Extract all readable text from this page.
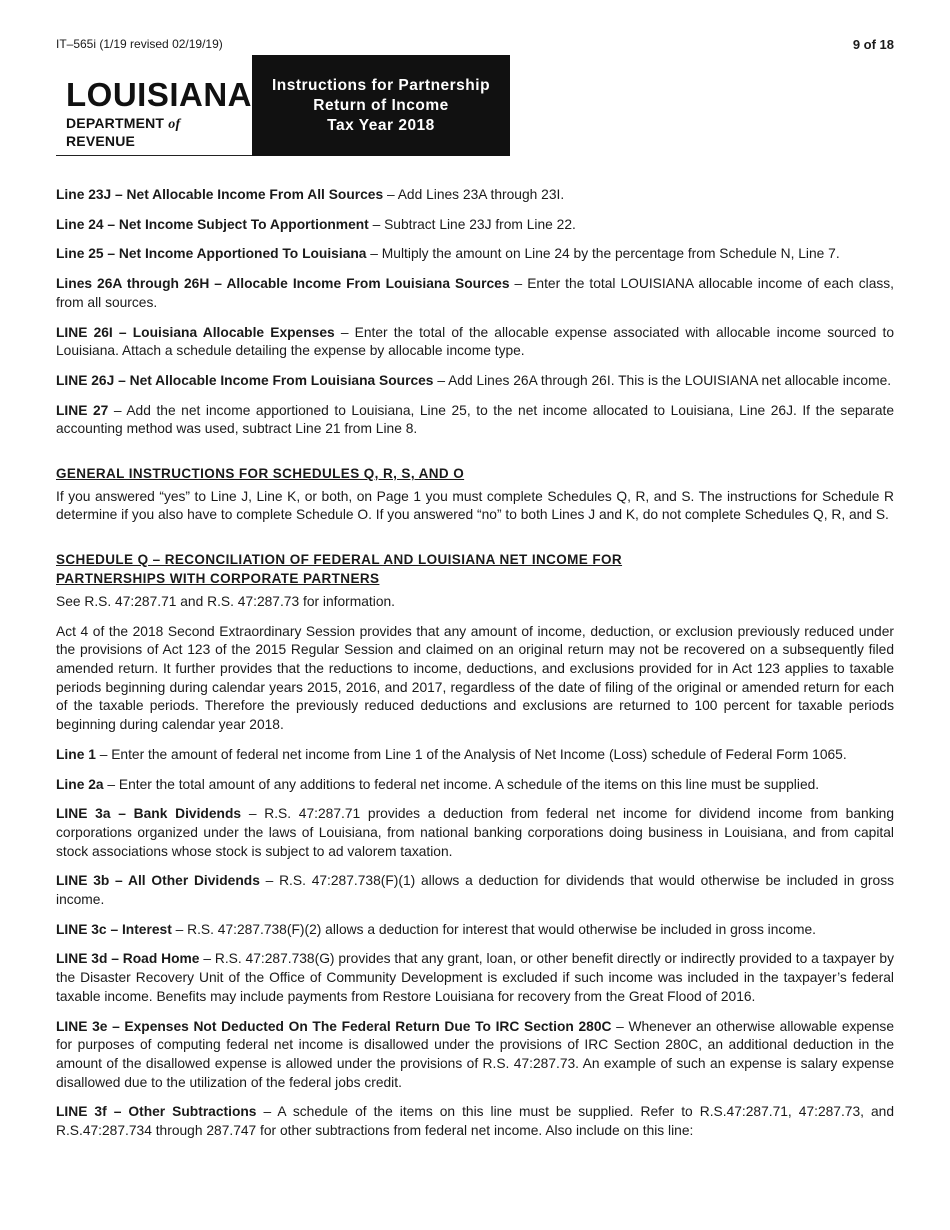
IT–565i (1/19 revised 02/19/19)	9 of 18
LOUISIANA
DEPARTMENT of REVENUE
Instructions for Partnership
Return of Income
Tax Year 2018

Line 23J – Net Allocable Income From All Sources – Add Lines 23A through 23I.

Line 24 – Net Income Subject To Apportionment – Subtract Line 23J from Line 22.

Line 25 – Net Income Apportioned To Louisiana – Multiply the amount on Line 24 by the percentage from Schedule N, Line 7.

Lines 26A through 26H – Allocable Income From Louisiana Sources – Enter the total LOUISIANA allocable income of each class, from all sources.

LINE 26I – Louisiana Allocable Expenses – Enter the total of the allocable expense associated with allocable income sourced to Louisiana. Attach a schedule detailing the expense by allocable income type.

LINE 26J – Net Allocable Income From Louisiana Sources – Add Lines 26A through 26I. This is the LOUISIANA net allocable income.

LINE 27 – Add the net income apportioned to Louisiana, Line 25, to the net income allocated to Louisiana, Line 26J. If the separate accounting method was used, subtract Line 21 from Line 8.

GENERAL INSTRUCTIONS FOR SCHEDULES Q, R, S, AND O

If you answered “yes” to Line J, Line K, or both, on Page 1 you must complete Schedules Q, R, and S. The instructions for Schedule R determine if you also have to complete Schedule O. If you answered “no” to both Lines J and K, do not complete Schedules Q, R, and S.

SCHEDULE Q – RECONCILIATION OF FEDERAL AND LOUISIANA NET INCOME FOR
PARTNERSHIPS WITH CORPORATE PARTNERS

See R.S. 47:287.71 and R.S. 47:287.73 for information.

Act 4 of the 2018 Second Extraordinary Session provides that any amount of income, deduction, or exclusion previously reduced under the provisions of Act 123 of the 2015 Regular Session and claimed on an original return may not be recovered on a subsequently filed amended return. It further provides that the reductions to income, deductions, and exclusions provided for in Act 123 applies to taxable periods beginning during calendar years 2015, 2016, and 2017, regardless of the date of filing of the original or amended return for each of the taxable periods. Therefore the previously reduced deductions and exclusions are returned to 100 percent for taxable periods beginning during calendar year 2018.

Line 1 – Enter the amount of federal net income from Line 1 of the Analysis of Net Income (Loss) schedule of Federal Form 1065.

Line 2a – Enter the total amount of any additions to federal net income. A schedule of the items on this line must be supplied.

LINE 3a – Bank Dividends – R.S. 47:287.71 provides a deduction from federal net income for dividend income from banking corporations organized under the laws of Louisiana, from national banking corporations doing business in Louisiana, and from capital stock associations whose stock is subject to ad valorem taxation.

LINE 3b – All Other Dividends – R.S. 47:287.738(F)(1) allows a deduction for dividends that would otherwise be included in gross income.

LINE 3c – Interest – R.S. 47:287.738(F)(2) allows a deduction for interest that would otherwise be included in gross income.

LINE 3d – Road Home – R.S. 47:287.738(G) provides that any grant, loan, or other benefit directly or indirectly provided to a taxpayer by the Disaster Recovery Unit of the Office of Community Development is excluded if such income was included in the taxpayer’s federal taxable income. Benefits may include payments from Restore Louisiana for recovery from the Great Flood of 2016.

LINE 3e – Expenses Not Deducted On The Federal Return Due To IRC Section 280C – Whenever an otherwise allowable expense for purposes of computing federal net income is disallowed under the provisions of IRC Section 280C, an additional deduction in the amount of the disallowed expense is allowed under the provisions of R.S. 47:287.73. An example of such an expense is salary expense disallowed due to the utilization of the federal jobs credit.

LINE 3f – Other Subtractions – A schedule of the items on this line must be supplied. Refer to R.S.47:287.71, 47:287.73, and R.S.47:287.734 through 287.747 for other subtractions from federal net income. Also include on this line:
